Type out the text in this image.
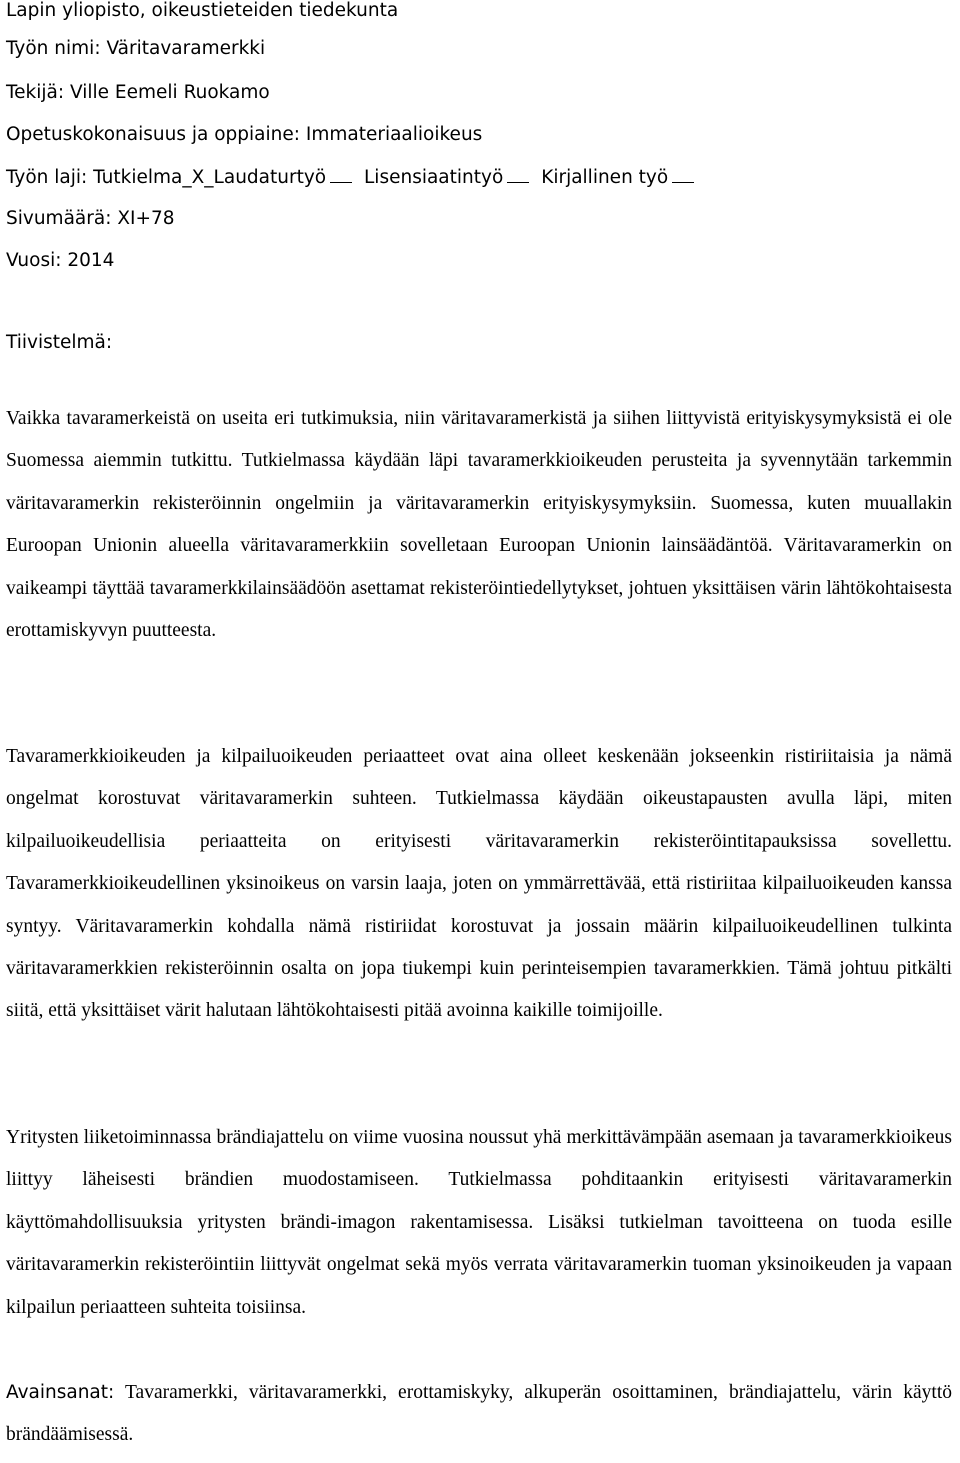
Lapin yliopisto, oikeustieteiden tiedekunta
Työn nimi: Väritavaramerkki
Tekijä: Ville Eemeli Ruokamo
Opetuskokonaisuus ja oppiaine: Immateriaalioikeus
Työn laji: Tutkielma_X_Laudaturtyö Lisensiaatintyö Kirjallinen työ
Sivumäärä: XI+78
Vuosi: 2014
Tiivistelmä:

Vaikka tavaramerkeistä on useita eri tutkimuksia, niin väritavaramerkistä ja siihen liittyvistä erityiskysymyksistä ei ole Suomessa aiemmin tutkittu. Tutkielmassa käydään läpi tavaramerkkioikeuden perusteita ja syvennytään tarkemmin väritavaramerkin rekisteröinnin ongelmiin ja väritavaramerkin erityiskysymyksiin. Suomessa, kuten muuallakin Euroopan Unionin alueella väritavaramerkkiin sovelletaan Euroopan Unionin lainsäädäntöä. Väritavaramerkin on vaikeampi täyttää tavaramerkkilainsäädöön asettamat rekisteröintiedellytykset, johtuen yksittäisen värin lähtökohtaisesta erottamiskyvyn puutteesta.

Tavaramerkkioikeuden ja kilpailuoikeuden periaatteet ovat aina olleet keskenään jokseenkin ristiriitaisia ja nämä ongelmat korostuvat väritavaramerkin suhteen. Tutkielmassa käydään oikeustapausten avulla läpi, miten kilpailuoikeudellisia periaatteita on erityisesti väritavaramerkin rekisteröintitapauksissa sovellettu. Tavaramerkkioikeudellinen yksinoikeus on varsin laaja, joten on ymmärrettävää, että ristiriitaa kilpailuoikeuden kanssa syntyy. Väritavaramerkin kohdalla nämä ristiriidat korostuvat ja jossain määrin kilpailuoikeudellinen tulkinta väritavaramerkkien rekisteröinnin osalta on jopa tiukempi kuin perinteisempien tavaramerkkien. Tämä johtuu pitkälti siitä, että yksittäiset värit halutaan lähtökohtaisesti pitää avoinna kaikille toimijoille.

Yritysten liiketoiminnassa brändiajattelu on viime vuosina noussut yhä merkittävämpään asemaan ja tavaramerkkioikeus liittyy läheisesti brändien muodostamiseen. Tutkielmassa pohditaankin erityisesti väritavaramerkin käyttömahdollisuuksia yritysten brändi-imagon rakentamisessa. Lisäksi tutkielman tavoitteena on tuoda esille väritavaramerkin rekisteröintiin liittyvät ongelmat sekä myös verrata väritavaramerkin tuoman yksinoikeuden ja vapaan kilpailun periaatteen suhteita toisiinsa.

Avainsanat: Tavaramerkki, väritavaramerkki, erottamiskyky, alkuperän osoittaminen, brändiajattelu, värin käyttö brändäämisessä.
